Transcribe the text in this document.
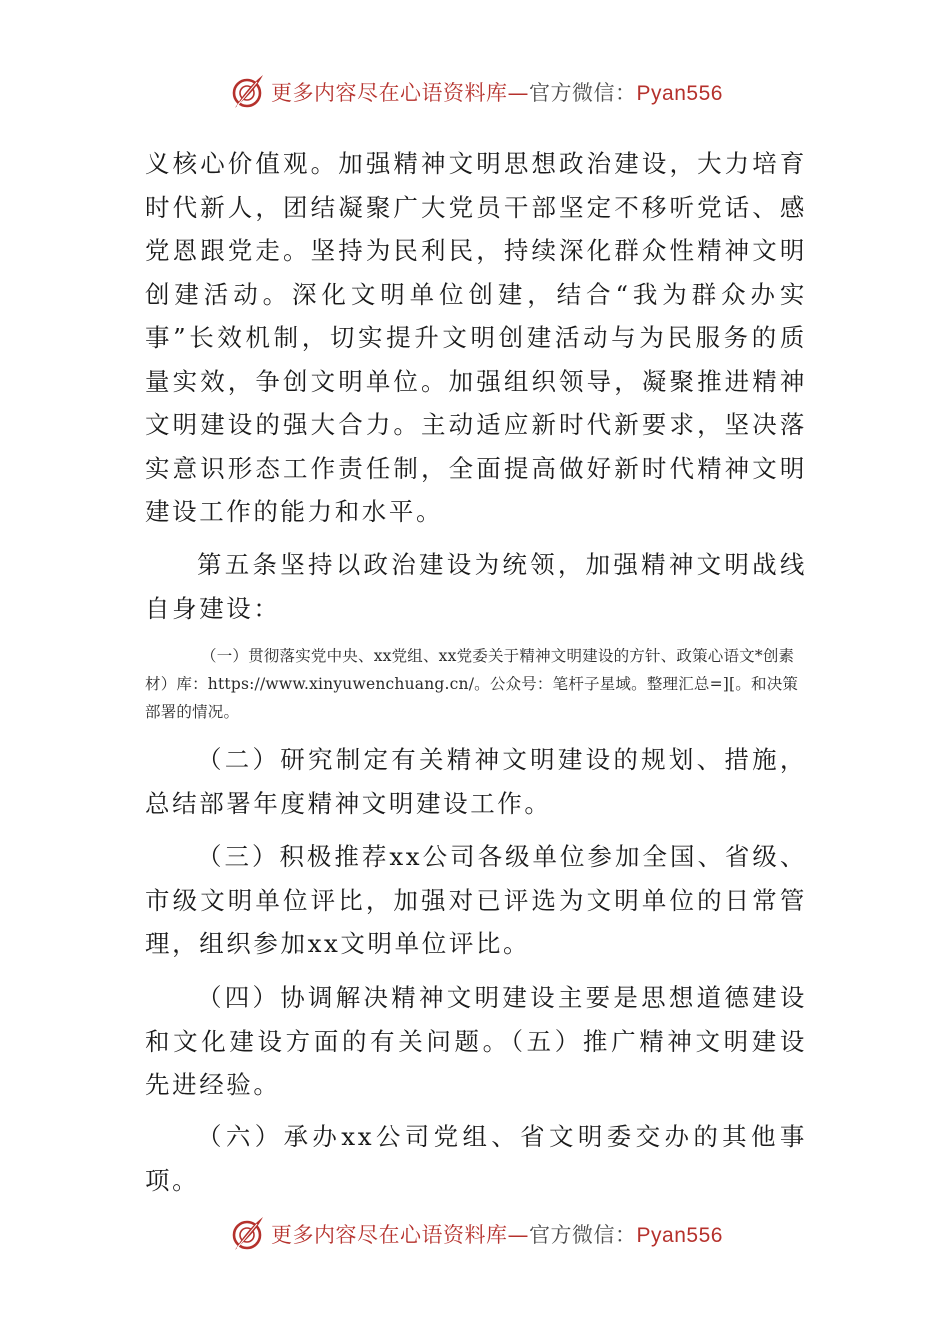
更多内容尽在心语资料库—官方微信：Pyan556
义核心价值观。加强精神文明思想政治建设，大力培育时代新人，团结凝聚广大党员干部坚定不移听党话、感党恩跟党走。坚持为民利民，持续深化群众性精神文明创建活动。深化文明单位创建，结合“我为群众办实事”长效机制，切实提升文明创建活动与为民服务的质量实效，争创文明单位。加强组织领导，凝聚推进精神文明建设的强大合力。主动适应新时代新要求，坚决落实意识形态工作责任制，全面提高做好新时代精神文明建设工作的能力和水平。
第五条坚持以政治建设为统领，加强精神文明战线自身建设：
（一）贯彻落实党中央、xx党组、xx党委关于精神文明建设的方针、政策心语文*创素材）库：https://www.xinyuwenchuang.cn/。公众号：笔杆子星域。整理汇总=][。和决策部署的情况。
（二）研究制定有关精神文明建设的规划、措施，总结部署年度精神文明建设工作。
（三）积极推荐xx公司各级单位参加全国、省级、市级文明单位评比，加强对已评选为文明单位的日常管理，组织参加xx文明单位评比。
（四）协调解决精神文明建设主要是思想道德建设和文化建设方面的有关问题。（五）推广精神文明建设先进经验。
（六）承办xx公司党组、省文明委交办的其他事项。
更多内容尽在心语资料库—官方微信：Pyan556
